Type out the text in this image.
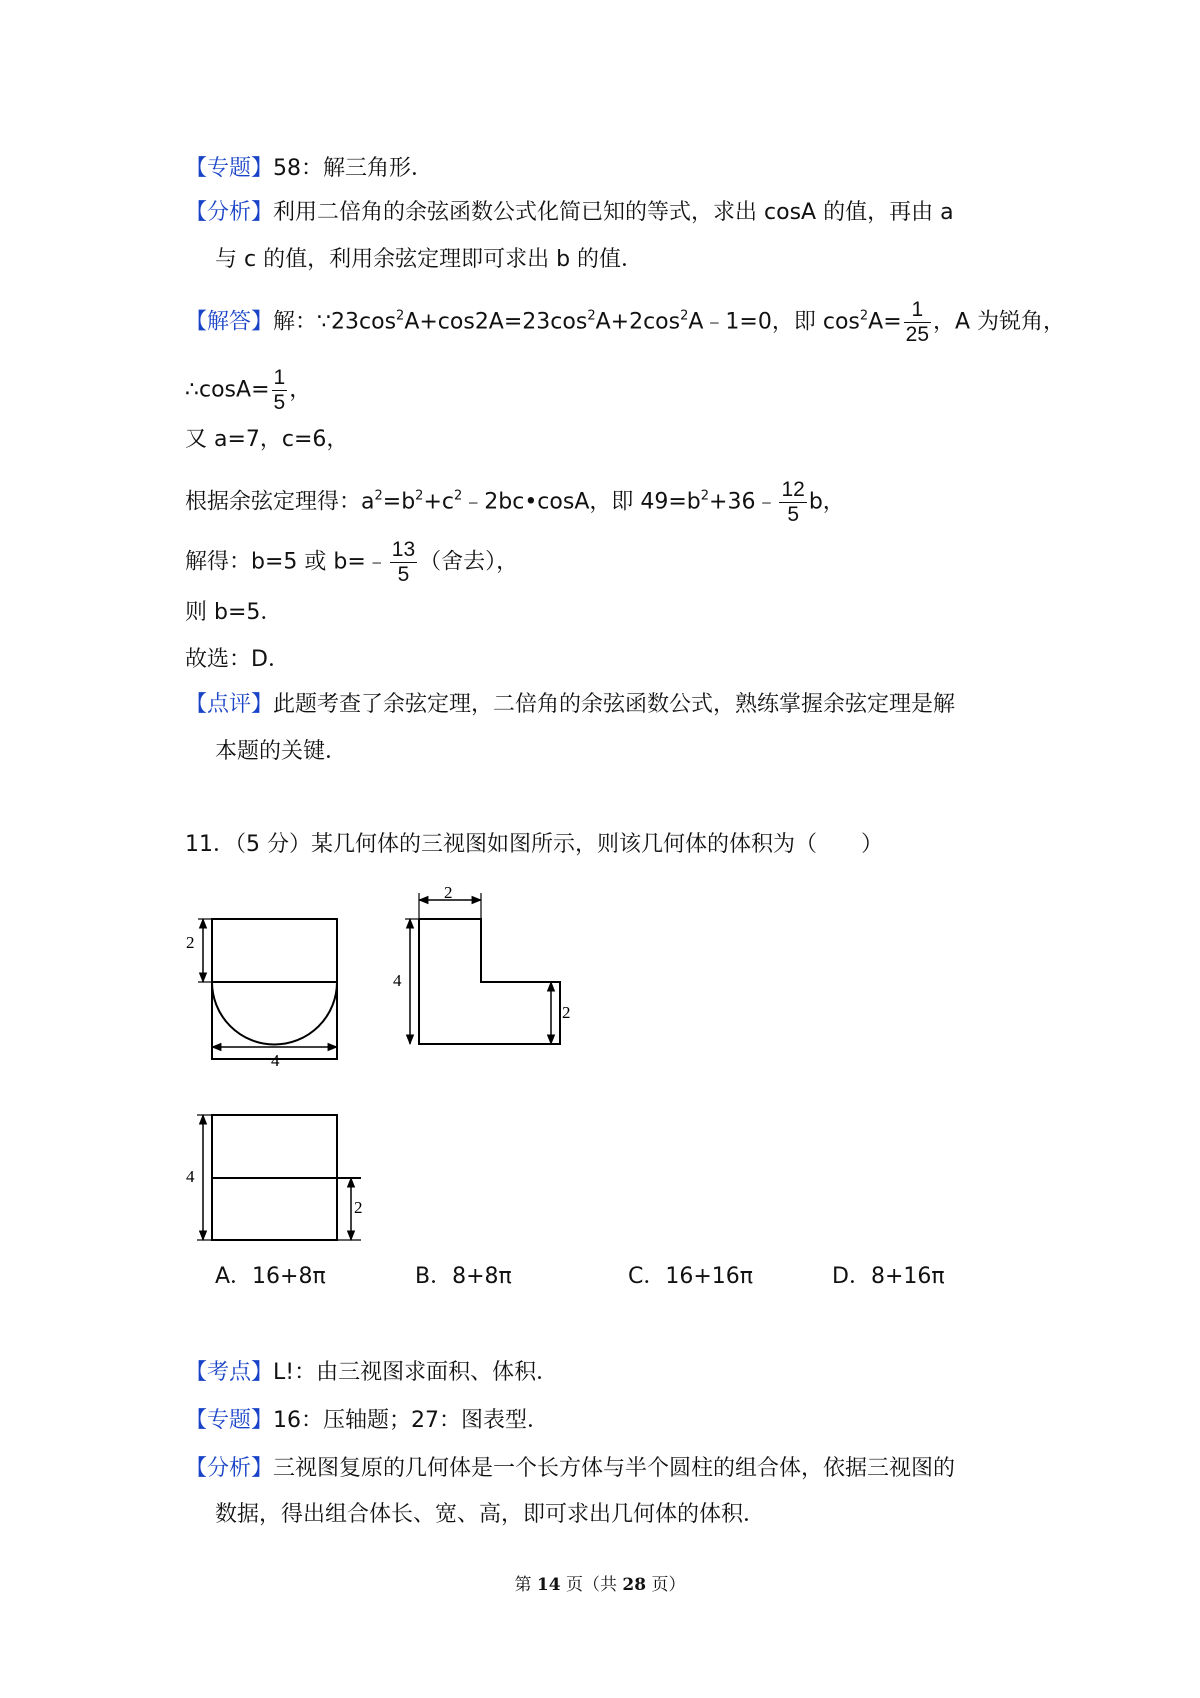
【专题】58：解三角形．
【分析】利用二倍角的余弦函数公式化简已知的等式，求出 cosA 的值，再由 a
与 c 的值，利用余弦定理即可求出 b 的值．
【解答】解：$\because 23\cos^2A+\cos 2A=23\cos^2A+2\cos^2A﹣1=0$，即 $\cos^2A= \frac{1}{25}$ ，A 为锐角，
∴cosA= $\frac{1}{5}$ ，
又 a=7，c=6，
根据余弦定理得：$a^2=b^2+c^2﹣2bc•\cos A$，即 $49=b^2+36﹣ \frac{12}{5}$ b，
解得：b=5 或 b=﹣ $\frac{13}{5}$ （舍去），
则 b=5．
故选：D．
【点评】此题考查了余弦定理，二倍角的余弦函数公式，熟练掌握余弦定理是解
本题的关键．
11．（5 分）某几何体的三视图如图所示，则该几何体的体积为（　　）
2
4
2
4
2
4
2
A．16+8π	B．8+8π	C．16+16π	D．8+16π
【考点】L!：由三视图求面积、体积．
【专题】16：压轴题；27：图表型．
【分析】三视图复原的几何体是一个长方体与半个圆柱的组合体，依据三视图的
数据，得出组合体长、宽、高，即可求出几何体的体积．
第 14 页（共 28 页）
